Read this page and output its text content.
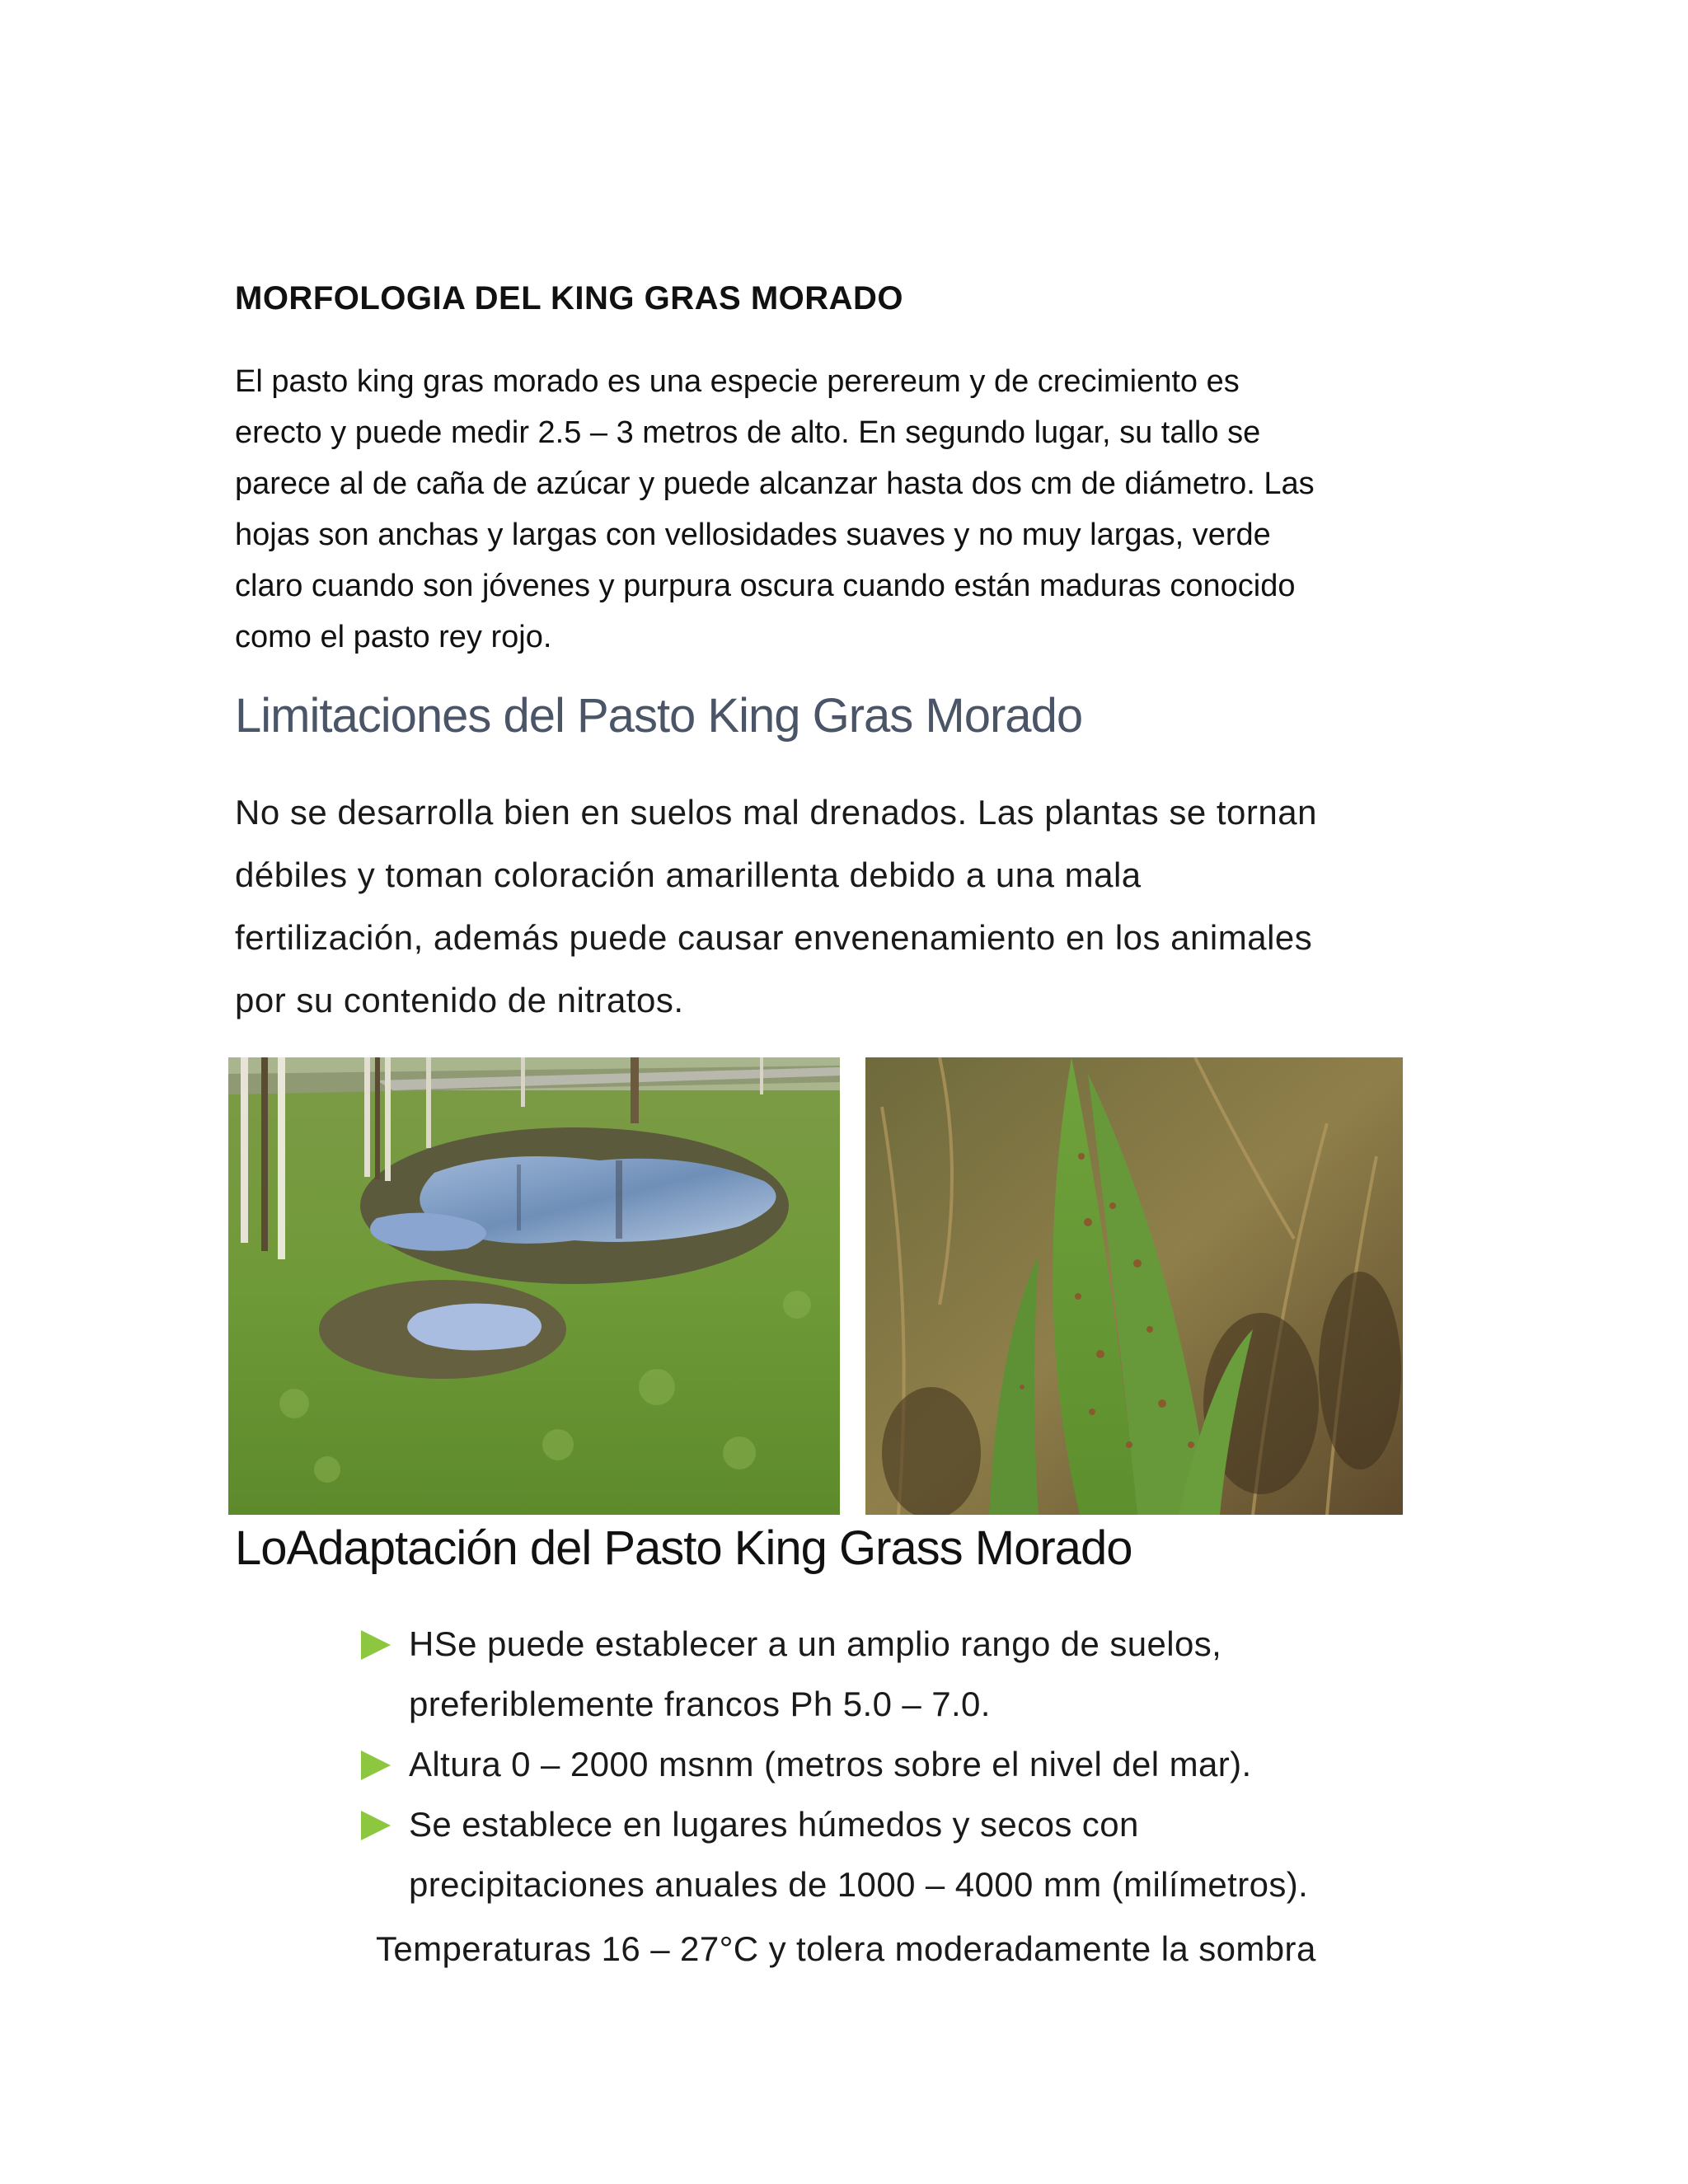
MORFOLOGIA DEL KING GRAS MORADO

El pasto king gras morado es una especie perereum y de crecimiento es
erecto y puede medir 2.5 – 3 metros de alto. En segundo lugar, su tallo se
parece al de caña de azúcar y puede alcanzar hasta dos cm de diámetro. Las
hojas son anchas y largas con vellosidades suaves y no muy largas, verde
claro cuando son jóvenes y purpura oscura cuando están maduras conocido
como el pasto rey rojo.

Limitaciones del Pasto King Gras Morado

No se desarrolla bien en suelos mal drenados. Las plantas se tornan
débiles y toman coloración amarillenta debido a una mala
fertilización, además puede causar envenenamiento en los animales
por su contenido de nitratos.

LoAdaptación del Pasto King Grass Morado
HSe puede establecer a un amplio rango de suelos,
preferiblemente francos Ph 5.0 – 7.0.
Altura 0 – 2000 msnm (metros sobre el nivel del mar).
Se establece en lugares húmedos y secos con
precipitaciones anuales de 1000 – 4000 mm (milímetros).
Temperaturas 16 – 27°C y tolera moderadamente la sombra
